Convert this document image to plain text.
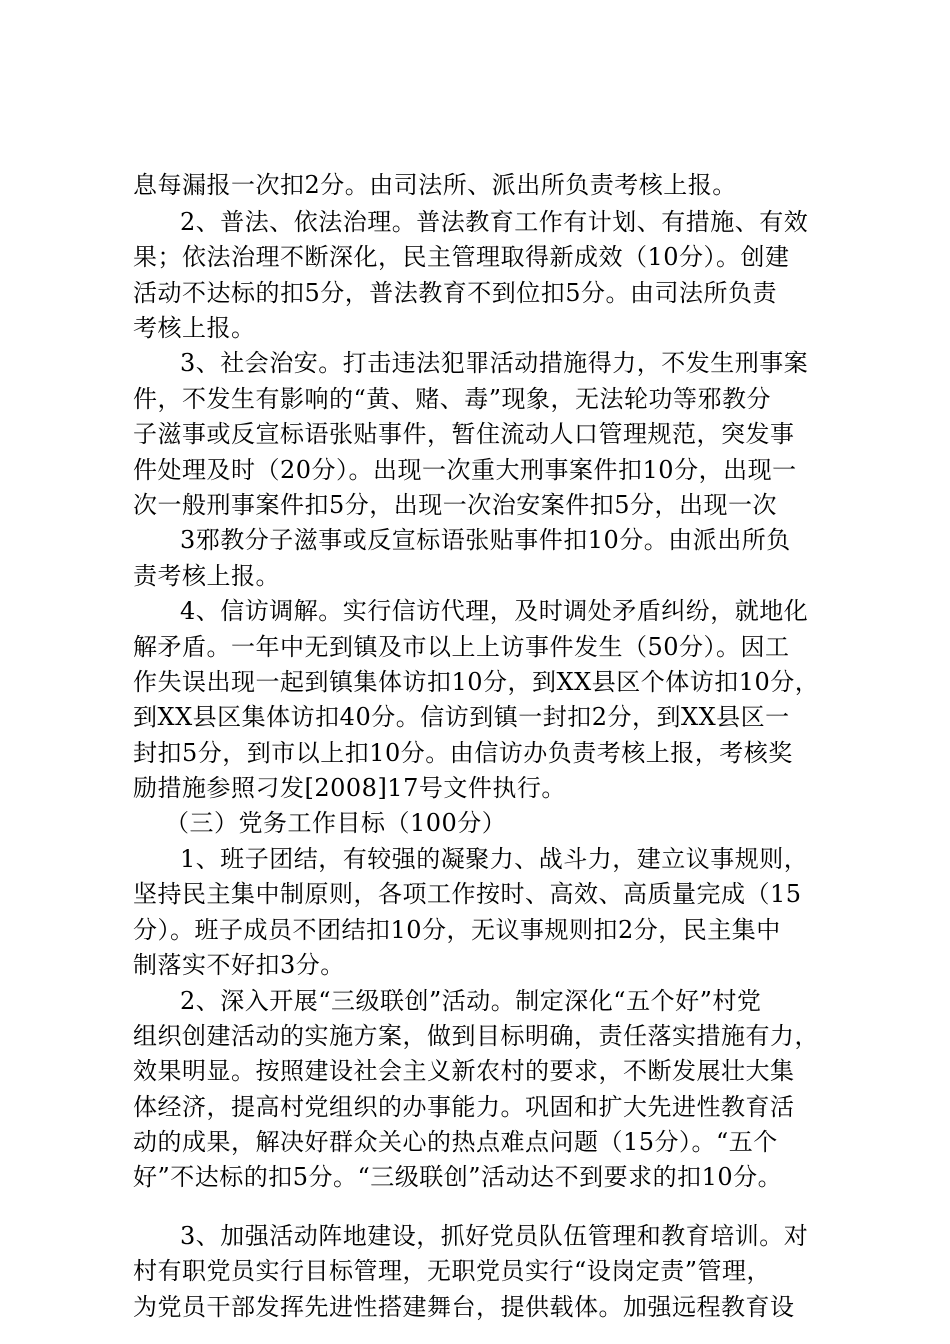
息每漏报一次扣2分。由司法所、派出所负责考核上报。
2、普法、依法治理。普法教育工作有计划、有措施、有效
果；依法治理不断深化，民主管理取得新成效（10分）。创建
活动不达标的扣5分，普法教育不到位扣5分。由司法所负责
考核上报。
3、社会治安。打击违法犯罪活动措施得力，不发生刑事案
件，不发生有影响的“黄、赌、毒”现象，无法轮功等邪教分
子滋事或反宣标语张贴事件，暂住流动人口管理规范，突发事
件处理及时（20分）。出现一次重大刑事案件扣10分，出现一
次一般刑事案件扣5分，出现一次治安案件扣5分，出现一次
3邪教分子滋事或反宣标语张贴事件扣10分。由派出所负
责考核上报。
4、信访调解。实行信访代理，及时调处矛盾纠纷，就地化
解矛盾。一年中无到镇及市以上上访事件发生（50分）。因工
作失误出现一起到镇集体访扣10分，到XX县区个体访扣10分，
到XX县区集体访扣40分。信访到镇一封扣2分，到XX县区一
封扣5分，到市以上扣10分。由信访办负责考核上报，考核奖
励措施参照刁发[2008]17号文件执行。
（三）党务工作目标（100分）
1、班子团结，有较强的凝聚力、战斗力，建立议事规则，
坚持民主集中制原则，各项工作按时、高效、高质量完成（15
分）。班子成员不团结扣10分，无议事规则扣2分，民主集中
制落实不好扣3分。
2、深入开展“三级联创”活动。制定深化“五个好”村党
组织创建活动的实施方案，做到目标明确，责任落实措施有力，
效果明显。按照建设社会主义新农村的要求，不断发展壮大集
体经济，提高村党组织的办事能力。巩固和扩大先进性教育活
动的成果，解决好群众关心的热点难点问题（15分）。“五个
好”不达标的扣5分。“三级联创”活动达不到要求的扣10分。
3、加强活动阵地建设，抓好党员队伍管理和教育培训。对
村有职党员实行目标管理，无职党员实行“设岗定责”管理，
为党员干部发挥先进性搭建舞台，提供载体。加强远程教育设
